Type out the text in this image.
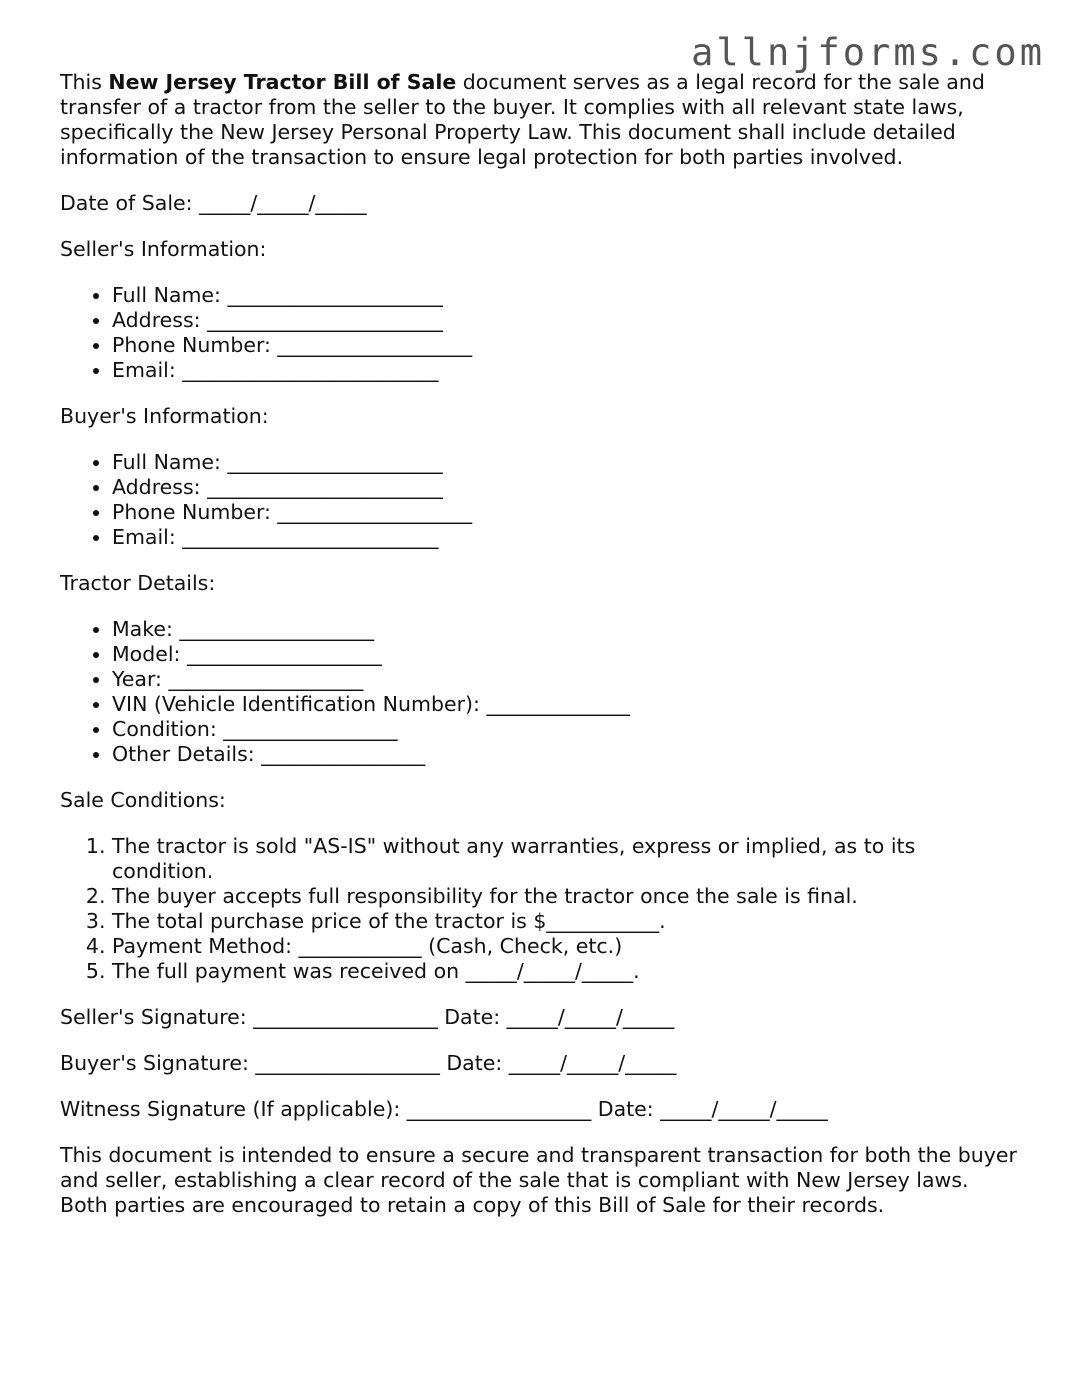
allnjforms.com

This New Jersey Tractor Bill of Sale document serves as a legal record for the sale and transfer of a tractor from the seller to the buyer. It complies with all relevant state laws, specifically the New Jersey Personal Property Law. This document shall include detailed information of the transaction to ensure legal protection for both parties involved.

Date of Sale: _____/_____/_____

Seller's Information:

• Full Name: _____________________
• Address: _______________________
• Phone Number: ___________________
• Email: _________________________

Buyer's Information:

• Full Name: _____________________
• Address: _______________________
• Phone Number: ___________________
• Email: _________________________

Tractor Details:

• Make: ___________________
• Model: ___________________
• Year: ___________________
• VIN (Vehicle Identification Number): ______________
• Condition: _________________
• Other Details: ________________

Sale Conditions:

1. The tractor is sold "AS-IS" without any warranties, express or implied, as to its condition.
2. The buyer accepts full responsibility for the tractor once the sale is final.
3. The total purchase price of the tractor is $___________.
4. Payment Method: ____________ (Cash, Check, etc.)
5. The full payment was received on _____/_____/_____.

Seller's Signature: __________________ Date: _____/_____/_____

Buyer's Signature: __________________ Date: _____/_____/_____

Witness Signature (If applicable): __________________ Date: _____/_____/_____

This document is intended to ensure a secure and transparent transaction for both the buyer and seller, establishing a clear record of the sale that is compliant with New Jersey laws. Both parties are encouraged to retain a copy of this Bill of Sale for their records.
